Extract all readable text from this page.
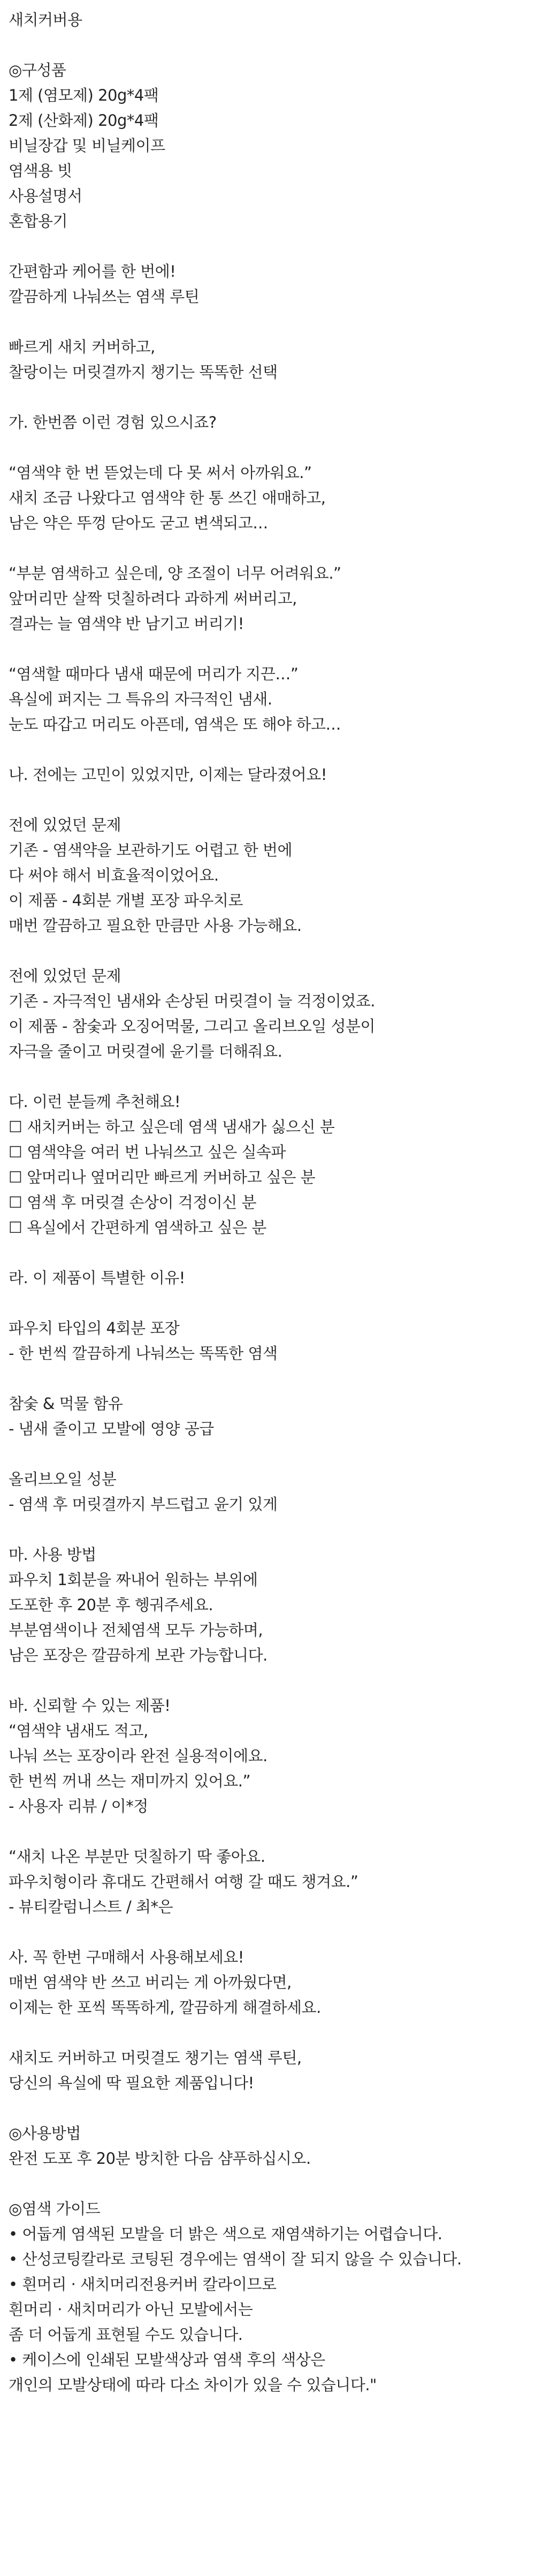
새치커버용
◎구성품
1제 (염모제) 20g*4팩
2제 (산화제) 20g*4팩
비닐장갑 및 비닐케이프
염색용 빗
사용설명서
혼합용기
간편함과 케어를 한 번에!
깔끔하게 나눠쓰는 염색 루틴
빠르게 새치 커버하고,
찰랑이는 머릿결까지 챙기는 똑똑한 선택
가. 한번쯤 이런 경험 있으시죠?
“염색약 한 번 뜯었는데 다 못 써서 아까워요.”
새치 조금 나왔다고 염색약 한 통 쓰긴 애매하고,
남은 약은 뚜껑 닫아도 굳고 변색되고…
“부분 염색하고 싶은데, 양 조절이 너무 어려워요.”
앞머리만 살짝 덧칠하려다 과하게 써버리고,
결과는 늘 염색약 반 남기고 버리기!
“염색할 때마다 냄새 때문에 머리가 지끈…”
욕실에 퍼지는 그 특유의 자극적인 냄새.
눈도 따갑고 머리도 아픈데, 염색은 또 해야 하고…
나. 전에는 고민이 있었지만, 이제는 달라졌어요!
전에 있었던 문제
기존 - 염색약을 보관하기도 어렵고 한 번에
다 써야 해서 비효율적이었어요.
이 제품 - 4회분 개별 포장 파우치로
매번 깔끔하고 필요한 만큼만 사용 가능해요.
전에 있었던 문제
기존 - 자극적인 냄새와 손상된 머릿결이 늘 걱정이었죠.
이 제품 - 참숯과 오징어먹물, 그리고 올리브오일 성분이
자극을 줄이고 머릿결에 윤기를 더해줘요.
다. 이런 분들께 추천해요!
☐ 새치커버는 하고 싶은데 염색 냄새가 싫으신 분
☐ 염색약을 여러 번 나눠쓰고 싶은 실속파
☐ 앞머리나 옆머리만 빠르게 커버하고 싶은 분
☐ 염색 후 머릿결 손상이 걱정이신 분
☐ 욕실에서 간편하게 염색하고 싶은 분
라. 이 제품이 특별한 이유!
파우치 타입의 4회분 포장
- 한 번씩 깔끔하게 나눠쓰는 똑똑한 염색
참숯 & 먹물 함유
- 냄새 줄이고 모발에 영양 공급
올리브오일 성분
- 염색 후 머릿결까지 부드럽고 윤기 있게
마. 사용 방법
파우치 1회분을 짜내어 원하는 부위에
도포한 후 20분 후 헹궈주세요.
부분염색이나 전체염색 모두 가능하며,
남은 포장은 깔끔하게 보관 가능합니다.
바. 신뢰할 수 있는 제품!
“염색약 냄새도 적고,
나눠 쓰는 포장이라 완전 실용적이에요.
한 번씩 꺼내 쓰는 재미까지 있어요.”
- 사용자 리뷰 / 이*정
“새치 나온 부분만 덧칠하기 딱 좋아요.
파우치형이라 휴대도 간편해서 여행 갈 때도 챙겨요.”
- 뷰티칼럼니스트 / 최*은
사. 꼭 한번 구매해서 사용해보세요!
매번 염색약 반 쓰고 버리는 게 아까웠다면,
이제는 한 포씩 똑똑하게, 깔끔하게 해결하세요.
새치도 커버하고 머릿결도 챙기는 염색 루틴,
당신의 욕실에 딱 필요한 제품입니다!
◎사용방법
완전 도포 후 20분 방치한 다음 샴푸하십시오.
◎염색 가이드
• 어둡게 염색된 모발을 더 밝은 색으로 재염색하기는 어렵습니다.
• 산성코팅칼라로 코팅된 경우에는 염색이 잘 되지 않을 수 있습니다.
• 흰머리 · 새치머리전용커버 칼라이므로
흰머리 · 새치머리가 아닌 모발에서는
좀 더 어둡게 표현될 수도 있습니다.
• 케이스에 인쇄된 모발색상과 염색 후의 색상은
개인의 모발상태에 따라 다소 차이가 있을 수 있습니다."
